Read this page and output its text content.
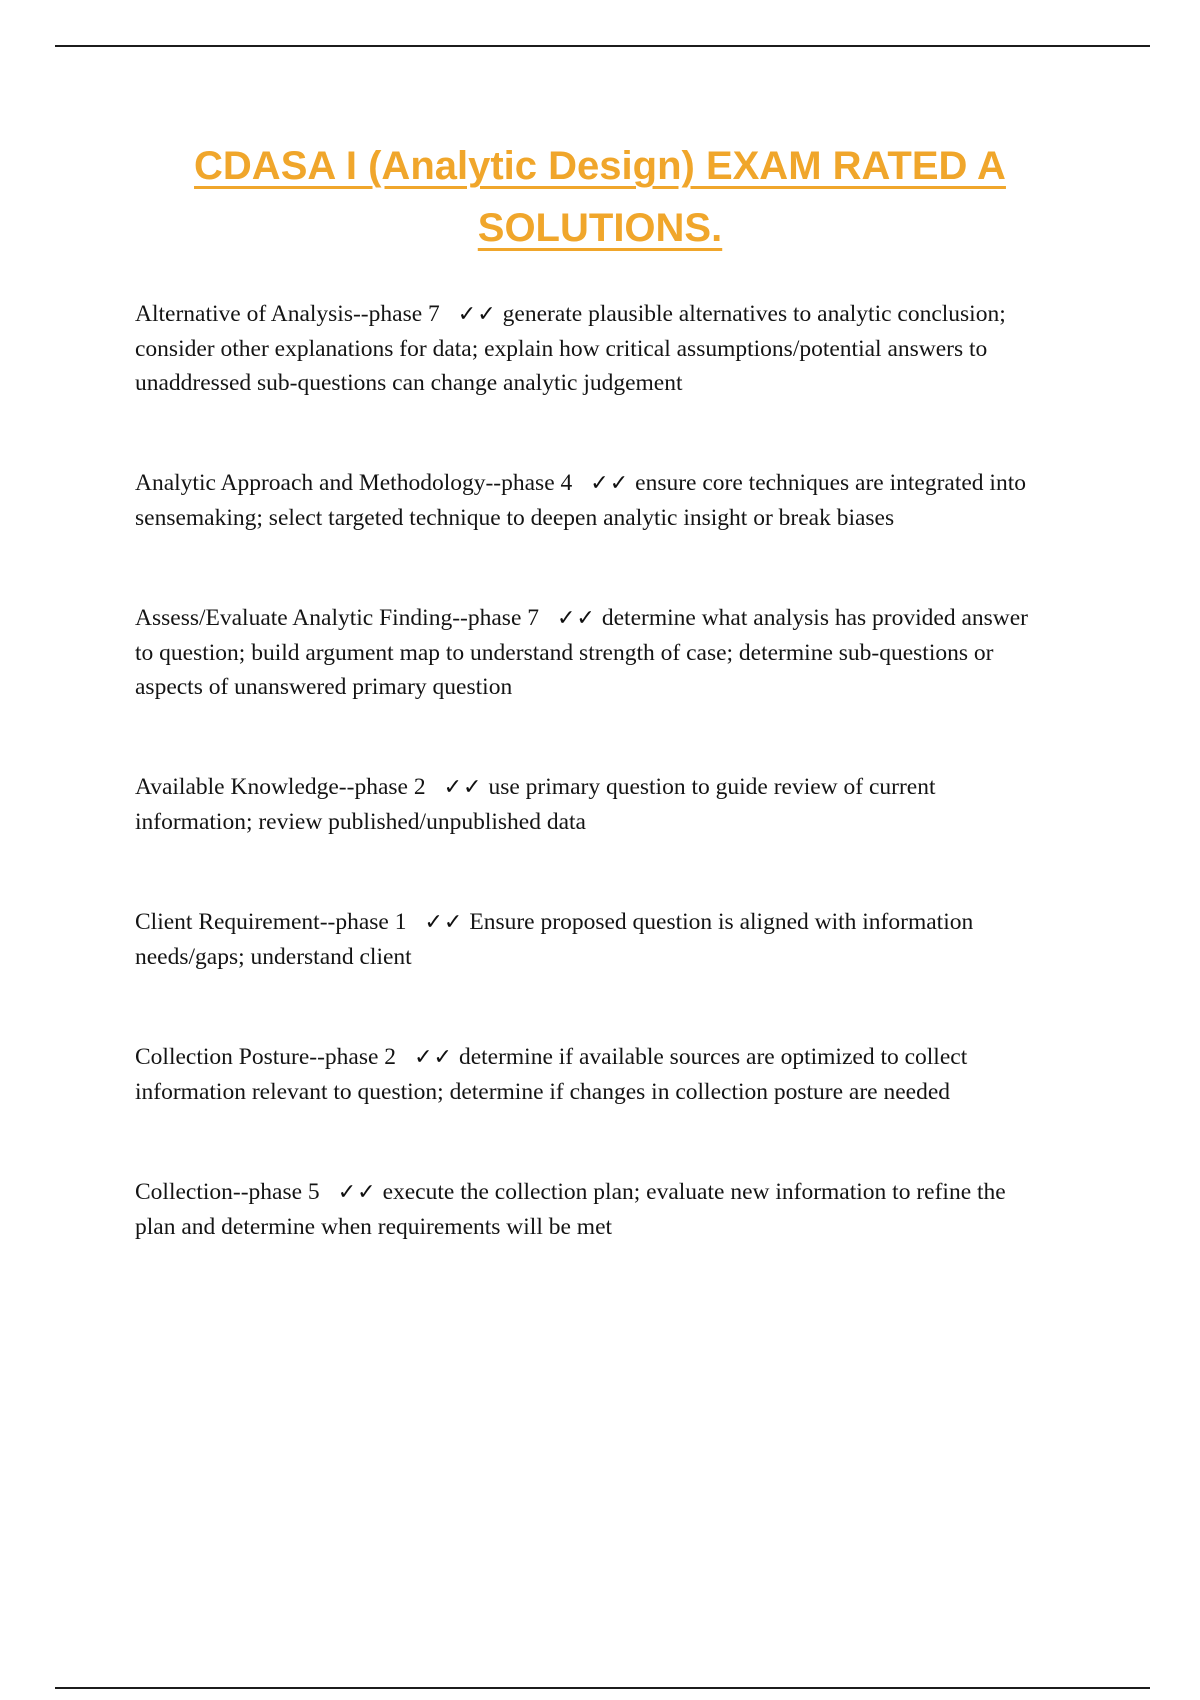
CDASA I (Analytic Design) EXAM RATED A
SOLUTIONS.

Alternative of Analysis--phase 7 ✓✓ generate plausible alternatives to analytic conclusion; consider other explanations for data; explain how critical assumptions/potential answers to unaddressed sub-questions can change analytic judgement

Analytic Approach and Methodology--phase 4 ✓✓ ensure core techniques are integrated into sensemaking; select targeted technique to deepen analytic insight or break biases

Assess/Evaluate Analytic Finding--phase 7 ✓✓ determine what analysis has provided answer to question; build argument map to understand strength of case; determine sub-questions or aspects of unanswered primary question

Available Knowledge--phase 2 ✓✓ use primary question to guide review of current information; review published/unpublished data

Client Requirement--phase 1 ✓✓ Ensure proposed question is aligned with information needs/gaps; understand client

Collection Posture--phase 2 ✓✓ determine if available sources are optimized to collect information relevant to question; determine if changes in collection posture are needed

Collection--phase 5 ✓✓ execute the collection plan; evaluate new information to refine the plan and determine when requirements will be met
